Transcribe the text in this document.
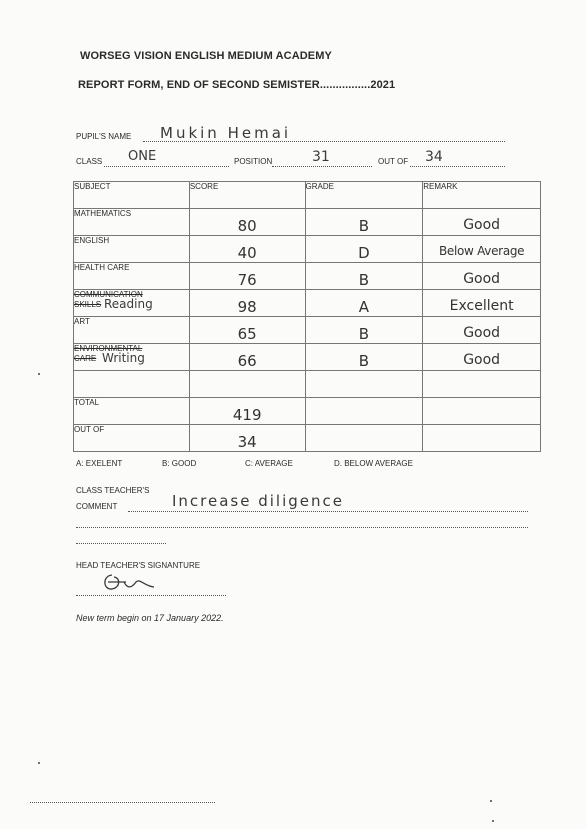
WORSEG VISION ENGLISH MEDIUM ACADEMY
REPORT FORM, END OF SECOND SEMISTER................2021
PUPIL'S NAME Mukin Hemai
CLASS ONE	POSITION	31	OUT OF 34
SUBJECT	SCORE	GRADE	REMARK
MATHEMATICS	80	B	Good

ENGLISH	40	D	Below Average

HEALTH CARE	76	B	Good

COMMUNICATION
SKILLS Reading	98	A	Excellent

ART	65	B	Good

ENVIRONMENTAL
CARE Writing	66	B	Good

TOTAL	419		

OUT OF	34		

A: EXELENT	B: GOOD	C: AVERAGE	D. BELOW AVERAGE
CLASS TEACHER'S
COMMENT	Increase diligence
HEAD TEACHER'S SIGNANTURE
New term begin on 17 January 2022.
